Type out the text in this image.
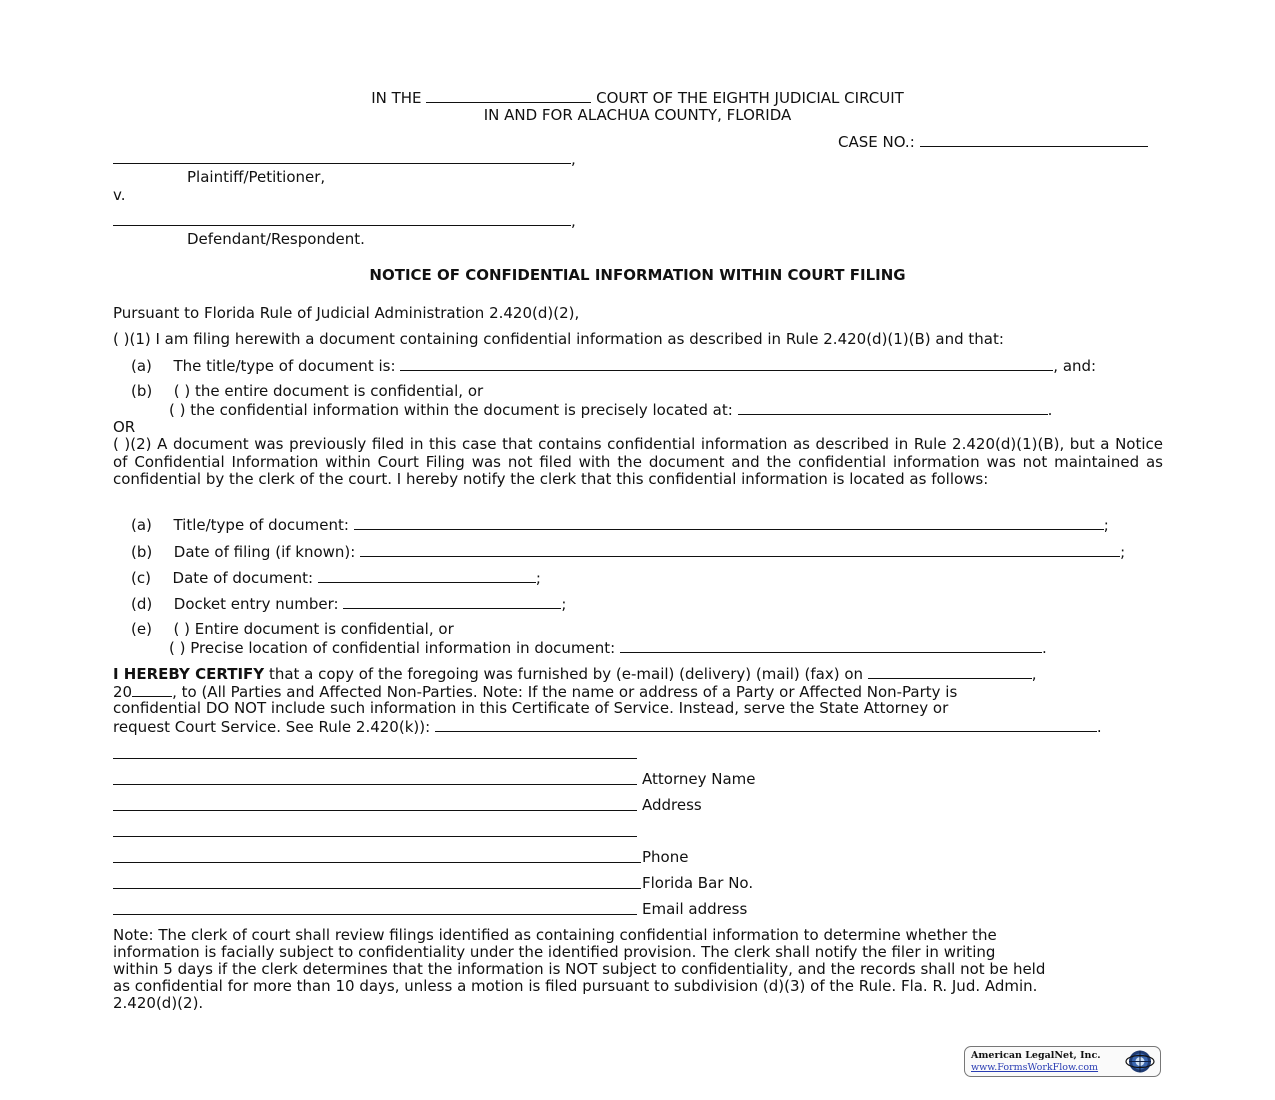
IN THE	COURT OF THE EIGHTH JUDICIAL CIRCUIT
IN AND FOR ALACHUA COUNTY, FLORIDA
CASE NO.:
,
Plaintiff/Petitioner,
v.
,
Defendant/Respondent.
NOTICE OF CONFIDENTIAL INFORMATION WITHIN COURT FILING
Pursuant to Florida Rule of Judicial Administration 2.420(d)(2),
( )(1) I am filing herewith a document containing confidential information as described in Rule 2.420(d)(1)(B) and that:
(a) The title/type of document is:	, and:
(b) ( ) the entire document is confidential, or
( ) the confidential information within the document is precisely located at:	.
OR
( )(2) A document was previously filed in this case that contains confidential information as described in Rule 2.420(d)(1)(B), but a Notice of Confidential Information within Court Filing was not filed with the document and the confidential information was not maintained as confidential by the clerk of the court. I hereby notify the clerk that this confidential information is located as follows:
(a) Title/type of document:	;
(b) Date of filing (if known):	;
(c) Date of document:	;
(d) Docket entry number:	;
(e) ( ) Entire document is confidential, or
( ) Precise location of confidential information in document:	.
I HEREBY CERTIFY that a copy of the foregoing was furnished by (e-mail) (delivery) (mail) (fax) on	,
20	, to (All Parties and Affected Non-Parties. Note: If the name or address of a Party or Affected Non-Party is
confidential DO NOT include such information in this Certificate of Service. Instead, serve the State Attorney or
request Court Service. See Rule 2.420(k)):	.
Attorney Name
Address
Phone
Florida Bar No.
Email address
Note: The clerk of court shall review filings identified as containing confidential information to determine whether the
information is facially subject to confidentiality under the identified provision. The clerk shall notify the filer in writing
within 5 days if the clerk determines that the information is NOT subject to confidentiality, and the records shall not be held
as confidential for more than 10 days, unless a motion is filed pursuant to subdivision (d)(3) of the Rule. Fla. R. Jud. Admin.
2.420(d)(2).
American LegalNet, Inc.
www.FormsWorkFlow.com
